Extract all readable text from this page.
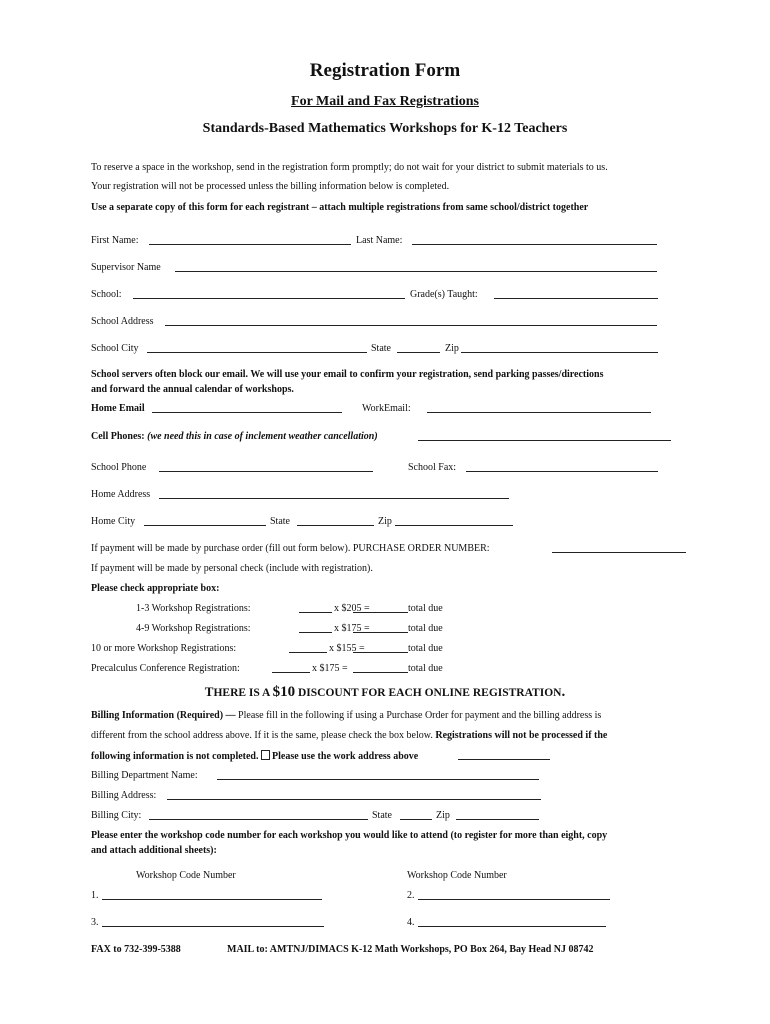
Registration Form
For Mail and Fax Registrations
Standards-Based Mathematics Workshops for K-12 Teachers
To reserve a space in the workshop, send in the registration form promptly; do not wait for your district to submit materials to us.
Your registration will not be processed unless the billing information below is completed.
Use a separate copy of this form for each registrant – attach multiple registrations from same school/district together
First Name:	Last Name:
Supervisor Name
School:	Grade(s) Taught:
School Address
School City	State	Zip
School servers often block our email. We will use your email to confirm your registration, send parking passes/directions
and forward the annual calendar of workshops.
Home Email	WorkEmail:
Cell Phones: (we need this in case of inclement weather cancellation)
School Phone	School Fax:
Home Address
Home City	State	Zip
If payment will be made by purchase order (fill out form below). PURCHASE ORDER NUMBER:
If payment will be made by personal check (include with registration).
Please check appropriate box:
1-3 Workshop Registrations:	x $205 =	total due
4-9 Workshop Registrations:	x $175 =	total due
10 or more Workshop Registrations:	x $155 =	total due
Precalculus Conference Registration:	x $175 =	total due
THERE IS A $10 DISCOUNT FOR EACH ONLINE REGISTRATION.
Billing Information (Required) — Please fill in the following if using a Purchase Order for payment and the billing address is
different from the school address above. If it is the same, please check the box below. Registrations will not be processed if the
following information is not completed. Please use the work address above
Billing Department Name:
Billing Address:
Billing City:	State	Zip
Please enter the workshop code number for each workshop you would like to attend (to register for more than eight, copy
and attach additional sheets):
Workshop Code Number	Workshop Code Number
1.	2.
3.	4.
FAX to 732-399-5388	MAIL to: AMTNJ/DIMACS K-12 Math Workshops, PO Box 264, Bay Head NJ 08742
